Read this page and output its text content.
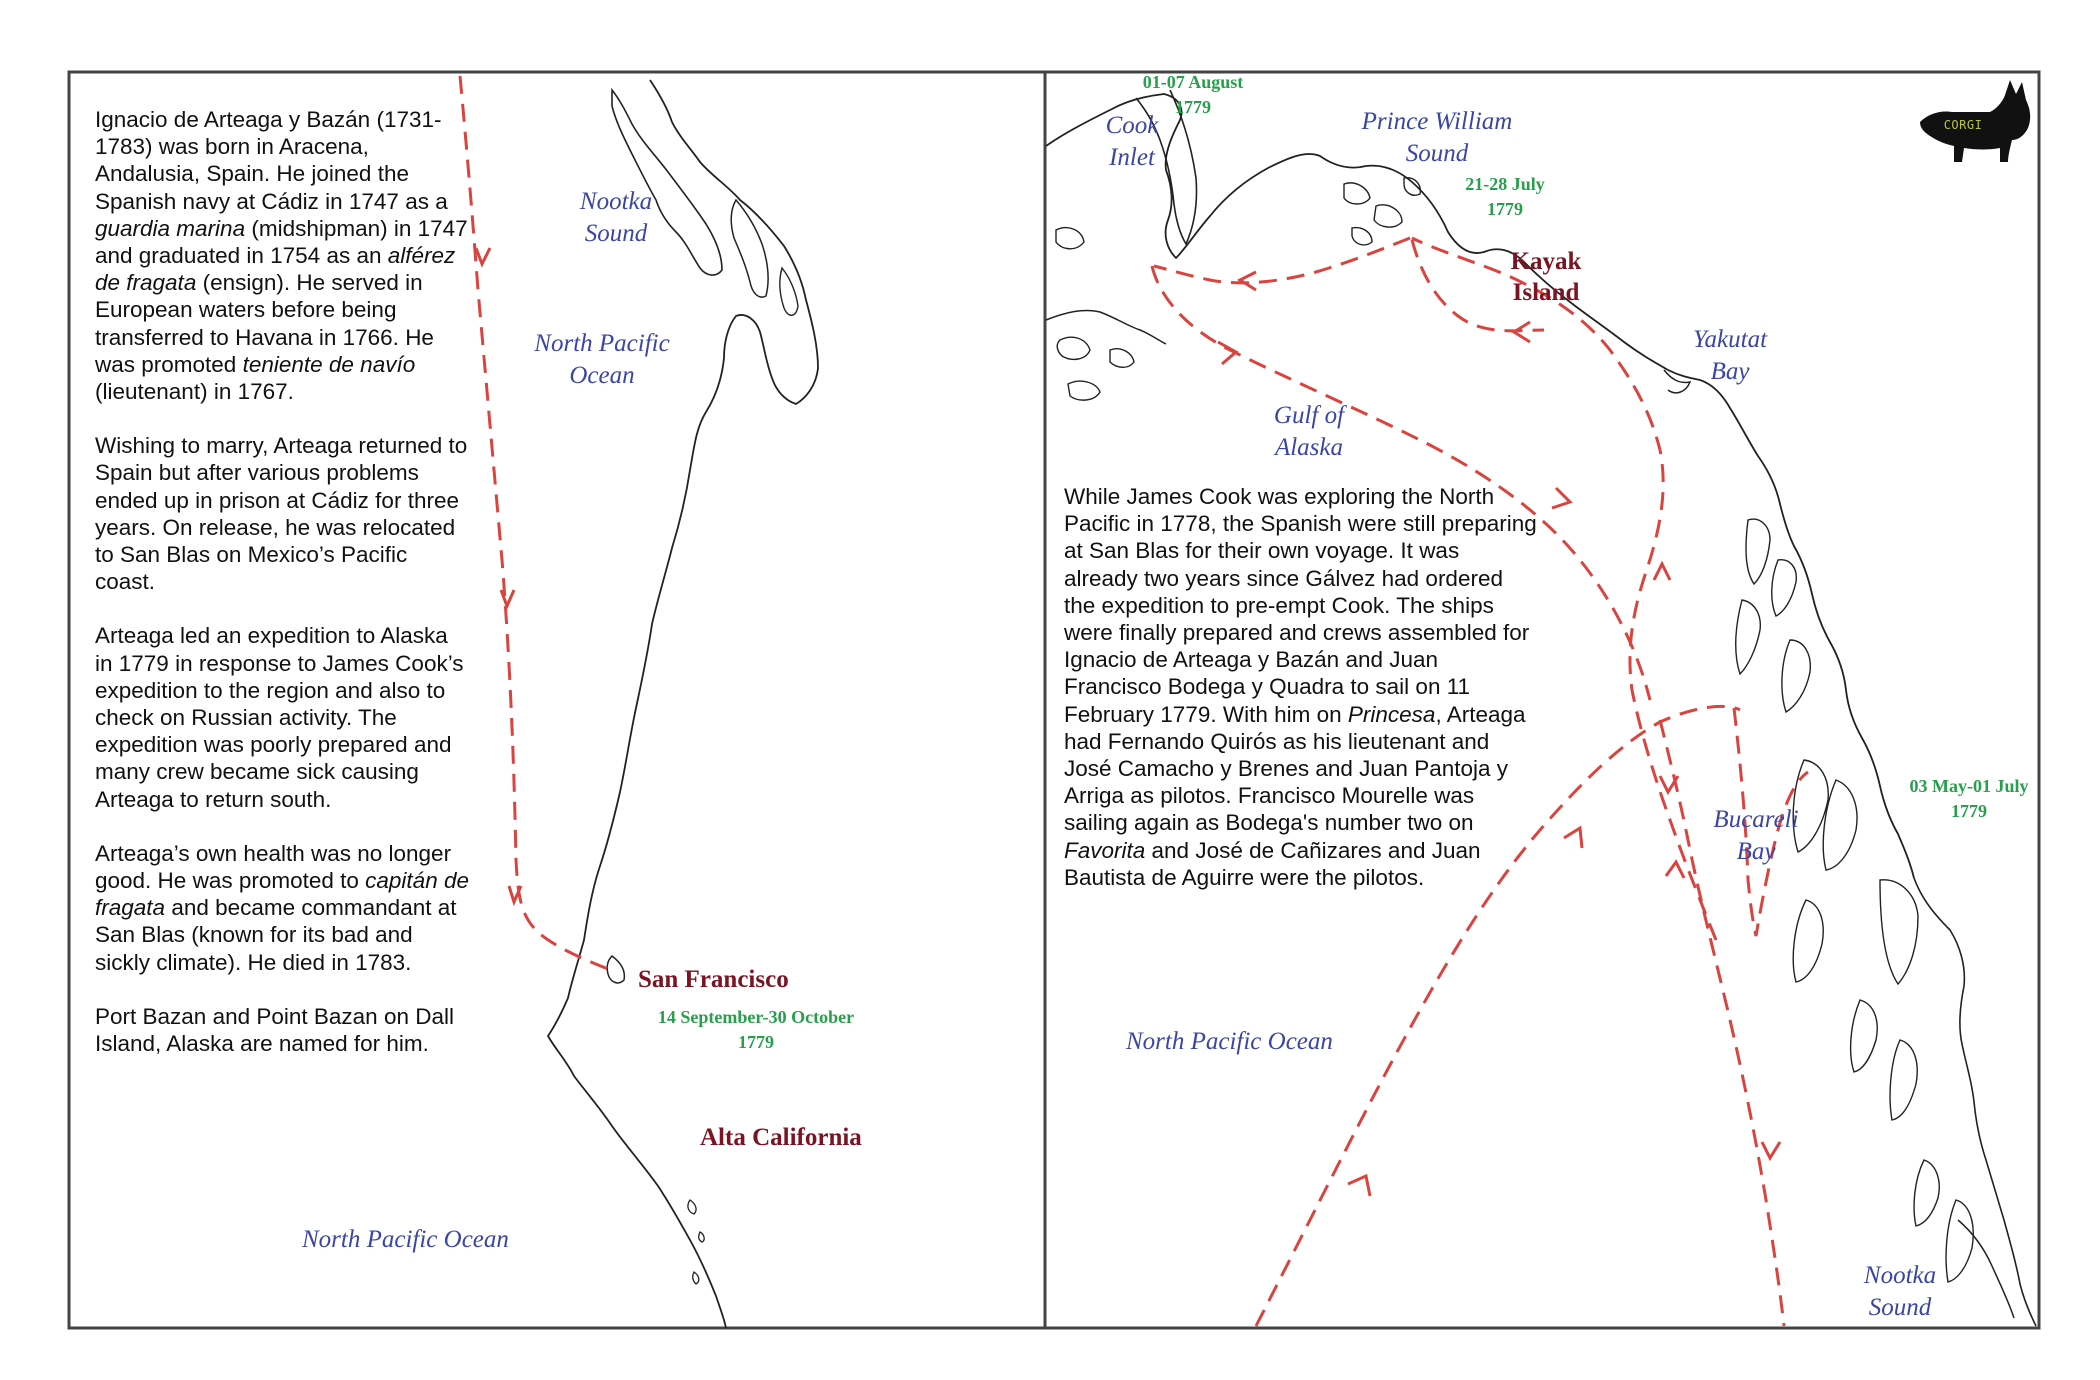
CORGI

Ignacio de Arteaga y Bazán (1731-1783) was born in Aracena, Andalusia, Spain. He joined the Spanish navy at Cádiz in 1747 as a guardia marina (midshipman) in 1747 and graduated in 1754 as an alférez de fragata (ensign). He served in European waters before being transferred to Havana in 1766. He was promoted teniente de navío (lieutenant) in 1767.

Wishing to marry, Arteaga returned to Spain but after various problems ended up in prison at Cádiz for three years. On release, he was relocated to San Blas on Mexico’s Pacific coast.

Arteaga led an expedition to Alaska in 1779 in response to James Cook’s expedition to the region and also to check on Russian activity. The expedition was poorly prepared and many crew became sick causing Arteaga to return south.

Arteaga’s own health was no longer good. He was promoted to capitán de fragata and became commandant at San Blas (known for its bad and sickly climate). He died in 1783.

Port Bazan and Point Bazan on Dall Island, Alaska are named for him.

While James Cook was exploring the North Pacific in 1778, the Spanish were still preparing at San Blas for their own voyage. It was already two years since Gálvez had ordered the expedition to pre-empt Cook. The ships were finally prepared and crews assembled for Ignacio de Arteaga y Bazán and Juan Francisco Bodega y Quadra to sail on 11 February 1779. With him on Princesa, Arteaga had Fernando Quirós as his lieutenant and José Camacho y Brenes and Juan Pantoja y Arriga as pilotos. Francisco Mourelle was sailing again as Bodega's number two on Favorita and José de Cañizares and Juan Bautista de Aguirre were the pilotos.

Nootka Sound
North Pacific Ocean
San Francisco
14 September-30 October
1779
Alta California
North Pacific Ocean
01-07 August
1779
Cook Inlet
Prince William Sound
21-28 July
1779
Kayak Island
Yakutat Bay
Gulf of Alaska
Bucareli Bay
03 May-01 July
1779
North Pacific Ocean
Nootka Sound
